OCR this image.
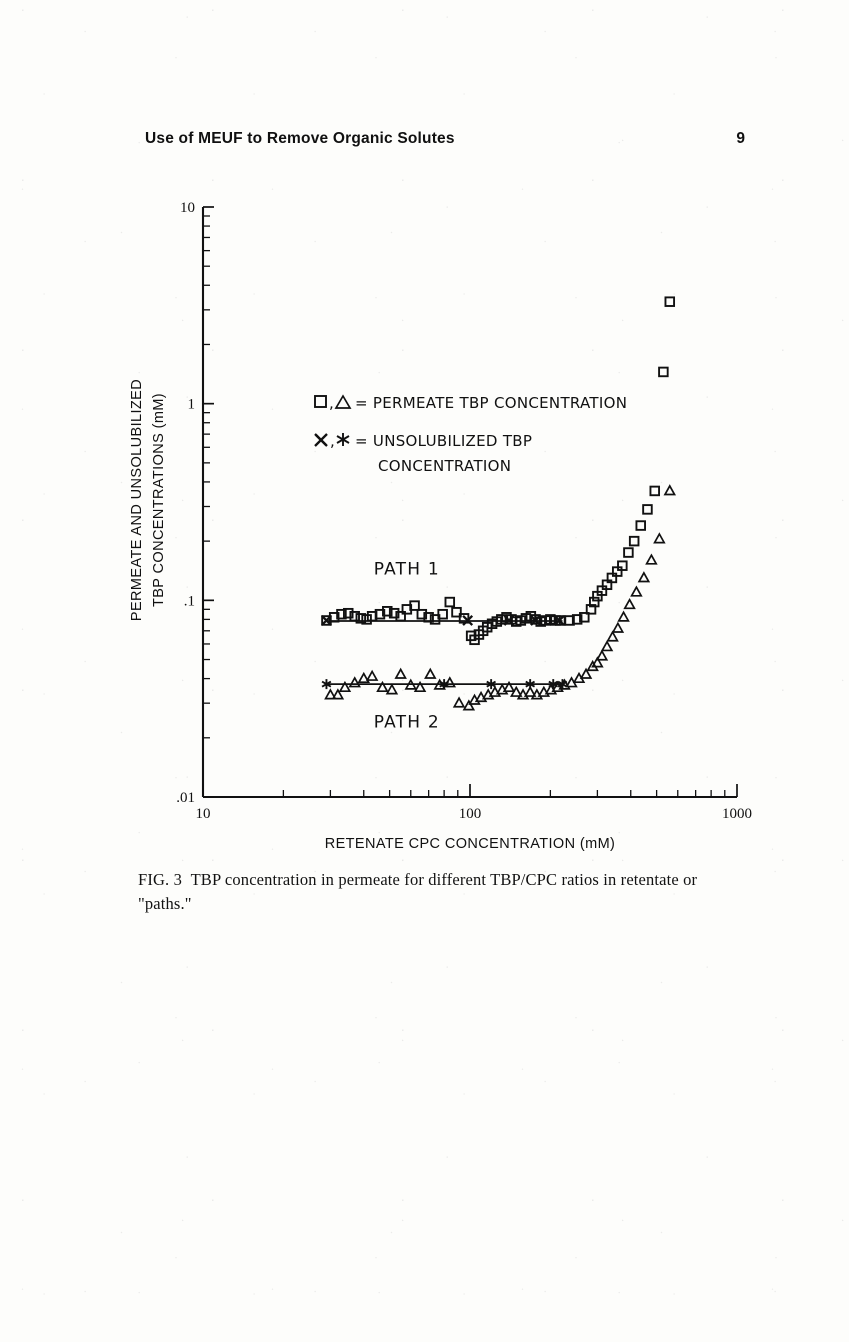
Use of MEUF to Remove Organic Solutes	9
10
1
.1
.01
10	100	1000
RETENATE CPC CONCENTRATION (mM)
PERMEATE AND UNSOLUBILIZED TBP CONCENTRATIONS (mM)	PATH 1
PATH 2
, = PERMEATE TBP CONCENTRATION
, = UNSOLUBILIZED TBP
CONCENTRATION
FIG. 3 TBP concentration in permeate for different TBP/CPC ratios in retentate or "paths."
